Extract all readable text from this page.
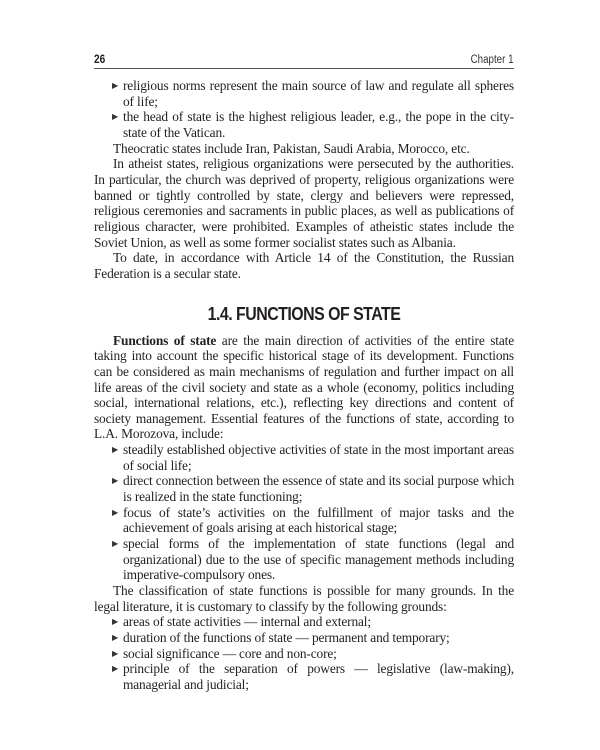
26	Chapter 1
▶ religious norms represent the main source of law and regulate all spheres of life;
▶ the head of state is the highest religious leader, e.g., the pope in the city-state of the Vatican.

Theocratic states include Iran, Pakistan, Saudi Arabia, Morocco, etc.

In atheist states, religious organizations were persecuted by the authorities. In particular, the church was deprived of property, religious organizations were banned or tightly controlled by state, clergy and believers were repressed, religious ceremonies and sacraments in public places, as well as publications of religious character, were prohibited. Examples of atheistic states include the Soviet Union, as well as some former socialist states such as Albania.

To date, in accordance with Article 14 of the Constitution, the Russian Federation is a secular state.

1.4. FUNCTIONS OF STATE

Functions of state are the main direction of activities of the entire state taking into account the specific historical stage of its development. Functions can be considered as main mechanisms of regulation and further impact on all life areas of the civil society and state as a whole (economy, politics including social, international relations, etc.), reflecting key directions and content of society management. Essential features of the functions of state, according to L.A. Morozova, include:

▶ steadily established objective activities of state in the most important areas of social life;
▶ direct connection between the essence of state and its social purpose which is realized in the state functioning;
▶ focus of state’s activities on the fulfillment of major tasks and the achievement of goals arising at each historical stage;
▶ special forms of the implementation of state functions (legal and organizational) due to the use of specific management methods including imperative-compulsory ones.

The classification of state functions is possible for many grounds. In the legal literature, it is customary to classify by the following grounds:

▶ areas of state activities — internal and external;
▶ duration of the functions of state — permanent and temporary;
▶ social significance — core and non-core;
▶ principle of the separation of powers — legislative (law-making), managerial and judicial;
